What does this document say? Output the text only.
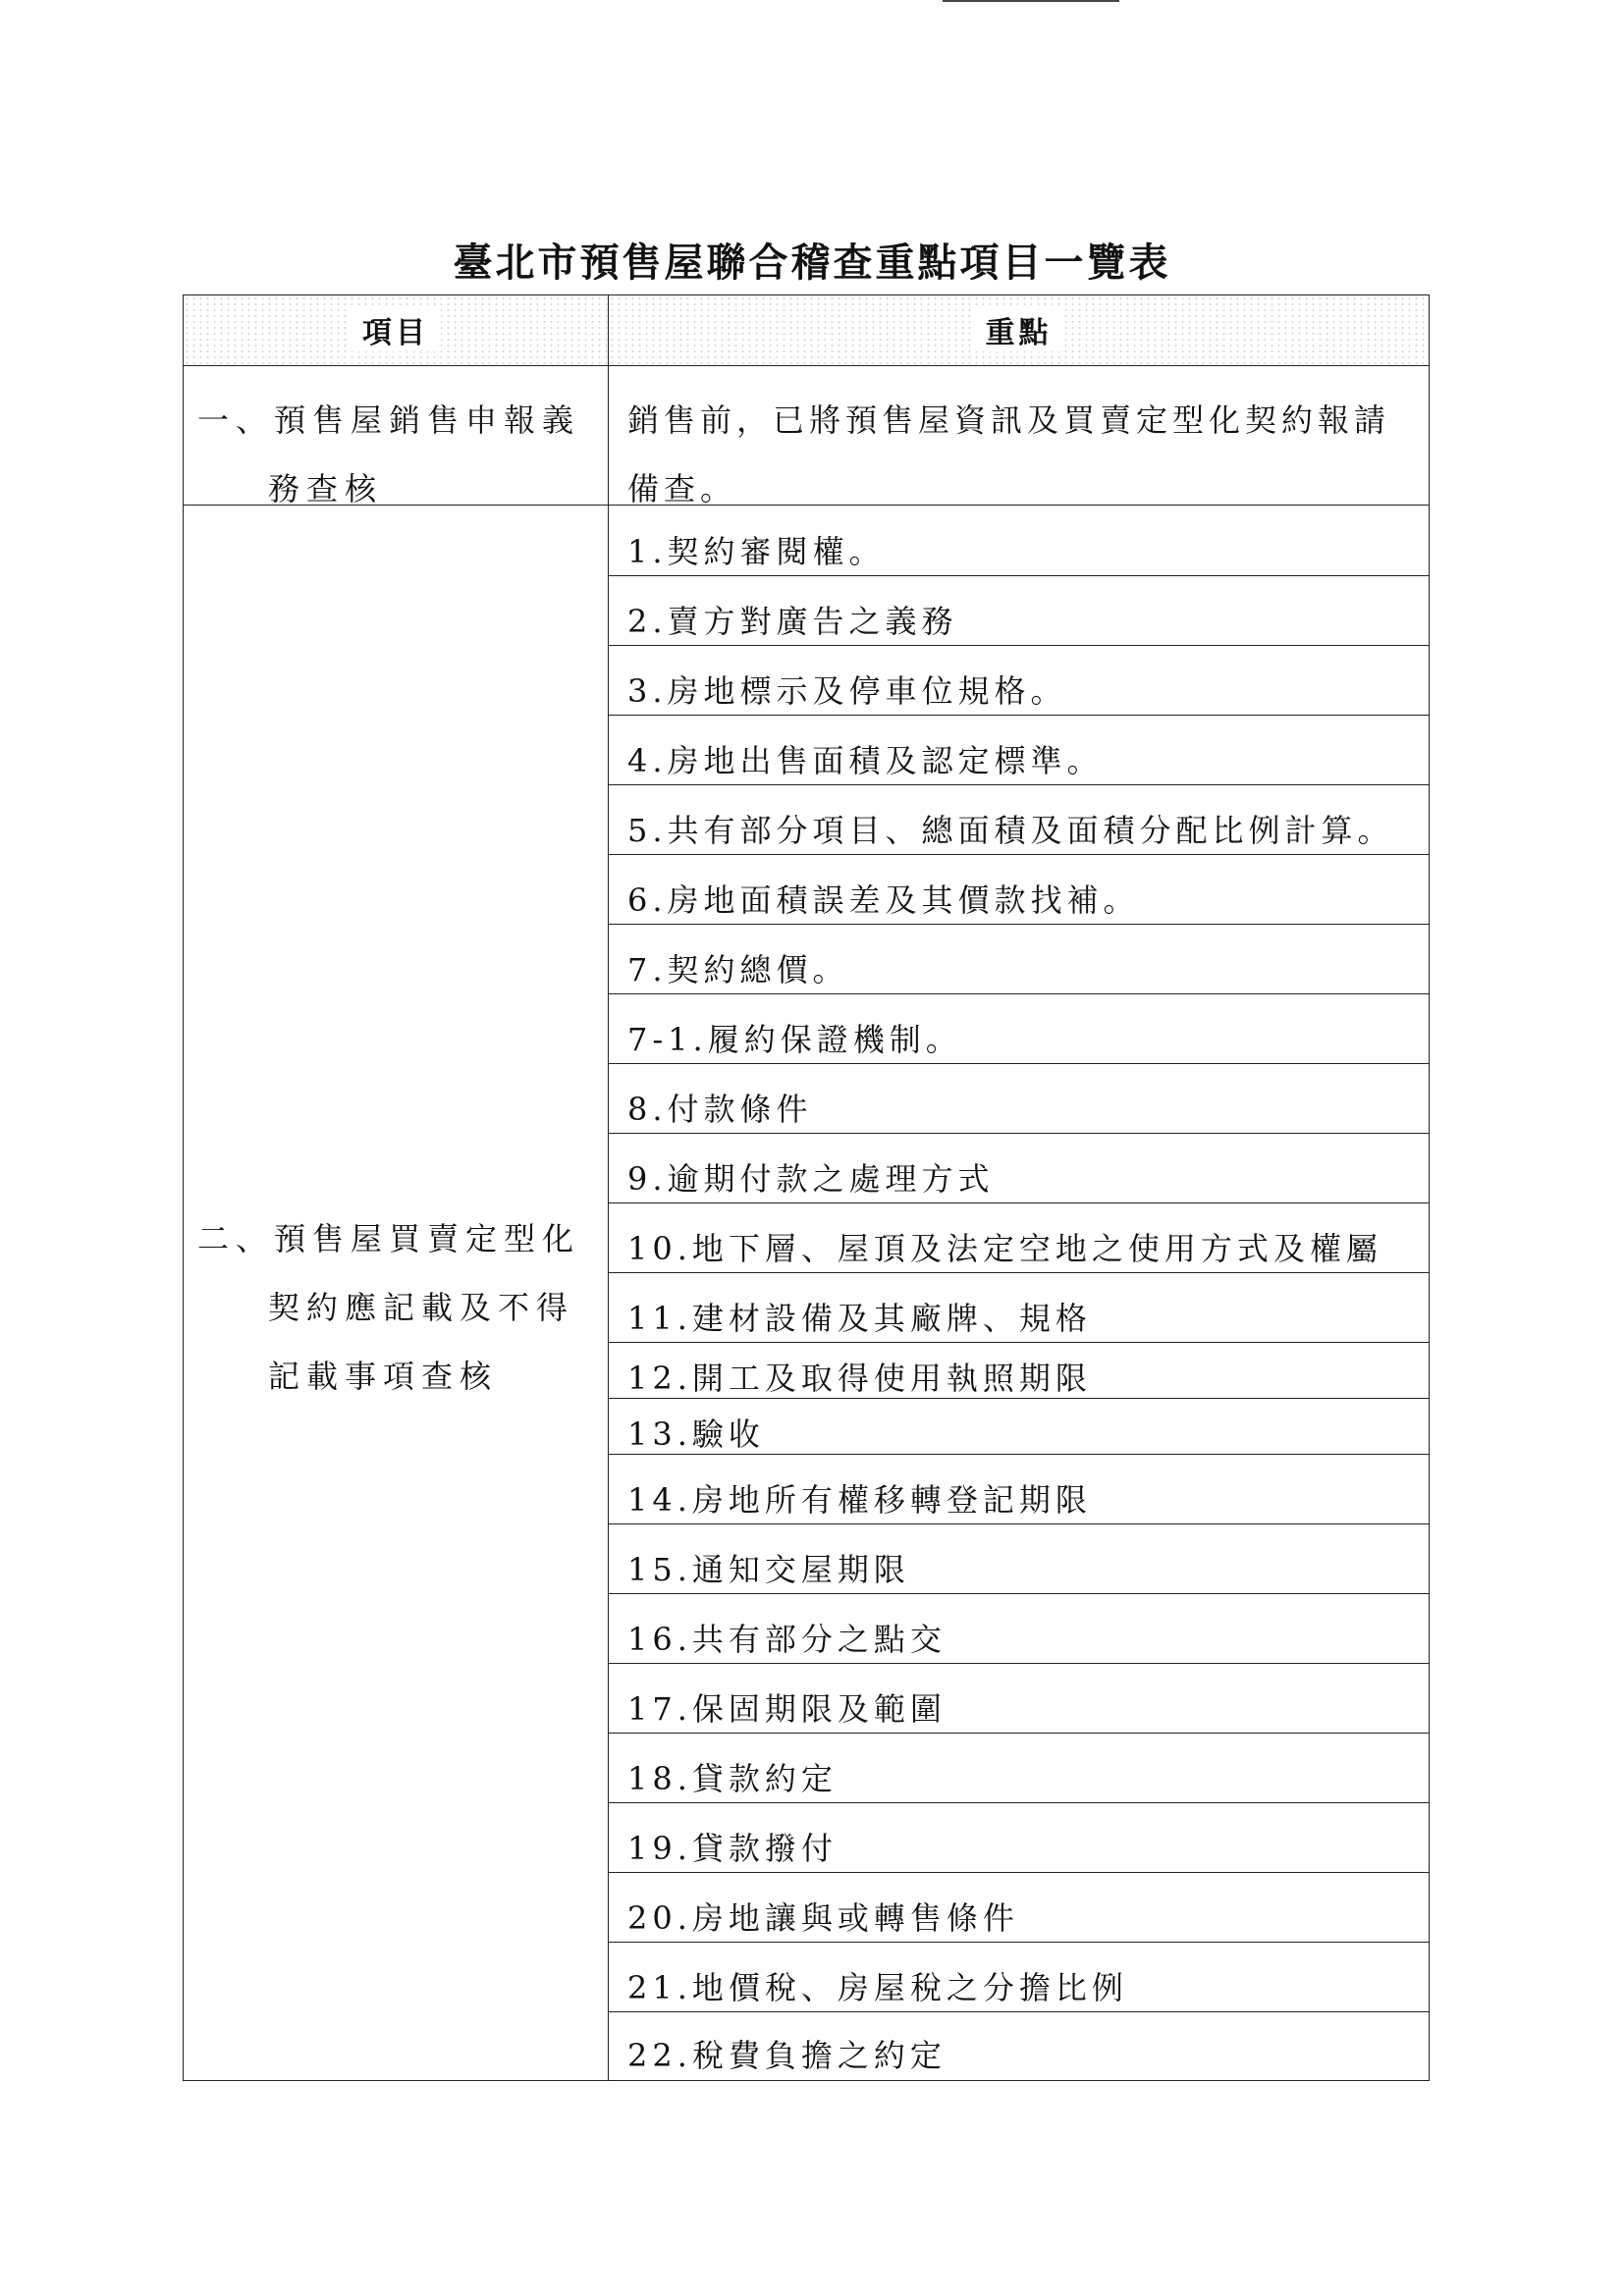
臺北市預售屋聯合稽查重點項目一覽表
項目	重點
一、預售屋銷售申報義
務查核
銷售前，已將預售屋資訊及買賣定型化契約報請
備查。
二、預售屋買賣定型化
契約應記載及不得
記載事項查核
1.契約審閱權。
2.賣方對廣告之義務
3.房地標示及停車位規格。
4.房地出售面積及認定標準。
5.共有部分項目、總面積及面積分配比例計算。
6.房地面積誤差及其價款找補。
7.契約總價。
7-1.履約保證機制。
8.付款條件
9.逾期付款之處理方式
10.地下層、屋頂及法定空地之使用方式及權屬
11.建材設備及其廠牌、規格
12.開工及取得使用執照期限
13.驗收
14.房地所有權移轉登記期限
15.通知交屋期限
16.共有部分之點交
17.保固期限及範圍
18.貸款約定
19.貸款撥付
20.房地讓與或轉售條件
21.地價稅、房屋稅之分擔比例
22.稅費負擔之約定
